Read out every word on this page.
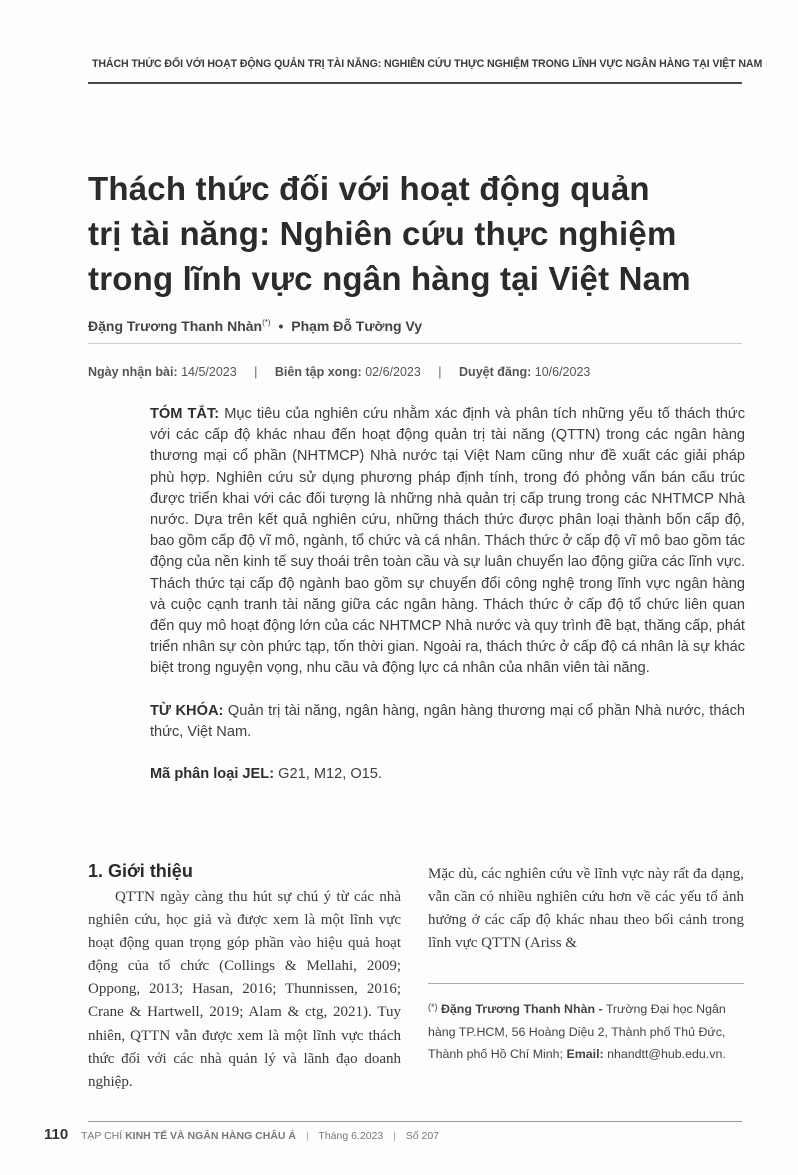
THÁCH THỨC ĐỐI VỚI HOẠT ĐỘNG QUẢN TRỊ TÀI NĂNG: NGHIÊN CỨU THỰC NGHIỆM TRONG LĨNH VỰC NGÂN HÀNG TẠI VIỆT NAM
Thách thức đối với hoạt động quản
trị tài năng: Nghiên cứu thực nghiệm
trong lĩnh vực ngân hàng tại Việt Nam
Đặng Trương Thanh Nhàn(*) • Phạm Đỗ Tường Vy
Ngày nhận bài: 14/5/2023 | Biên tập xong: 02/6/2023 | Duyệt đăng: 10/6/2023

TÓM TẮT: Mục tiêu của nghiên cứu nhằm xác định và phân tích những yếu tố thách thức với các cấp độ khác nhau đến hoạt động quản trị tài năng (QTTN) trong các ngân hàng thương mại cổ phần (NHTMCP) Nhà nước tại Việt Nam cũng như đề xuất các giải pháp phù hợp. Nghiên cứu sử dụng phương pháp định tính, trong đó phỏng vấn bán cấu trúc được triển khai với các đối tượng là những nhà quản trị cấp trung trong các NHTMCP Nhà nước. Dựa trên kết quả nghiên cứu, những thách thức được phân loại thành bốn cấp độ, bao gồm cấp độ vĩ mô, ngành, tổ chức và cá nhân. Thách thức ở cấp độ vĩ mô bao gồm tác động của nền kinh tế suy thoái trên toàn cầu và sự luân chuyển lao động giữa các lĩnh vực. Thách thức tại cấp độ ngành bao gồm sự chuyển đổi công nghệ trong lĩnh vực ngân hàng và cuộc cạnh tranh tài năng giữa các ngân hàng. Thách thức ở cấp độ tổ chức liên quan đến quy mô hoạt động lớn của các NHTMCP Nhà nước và quy trình đề bạt, thăng cấp, phát triển nhân sự còn phức tạp, tốn thời gian. Ngoài ra, thách thức ở cấp độ cá nhân là sự khác biệt trong nguyện vọng, nhu cầu và động lực cá nhân của nhân viên tài năng.

TỪ KHÓA: Quản trị tài năng, ngân hàng, ngân hàng thương mại cổ phần Nhà nước, thách thức, Việt Nam.

Mã phân loại JEL: G21, M12, O15.

1. Giới thiệu

QTTN ngày càng thu hút sự chú ý từ các nhà nghiên cứu, học giả và được xem là một lĩnh vực hoạt động quan trọng góp phần vào hiệu quả hoạt động của tổ chức (Collings & Mellahi, 2009; Oppong, 2013; Hasan, 2016; Thunnissen, 2016; Crane & Hartwell, 2019; Alam & ctg, 2021). Tuy nhiên, QTTN vẫn được xem là một lĩnh vực thách thức đối với các nhà quản lý và lãnh đạo doanh nghiệp.

Mặc dù, các nghiên cứu về lĩnh vực này rất đa dạng, vẫn cần có nhiều nghiên cứu hơn về các yếu tố ảnh hưởng ở các cấp độ khác nhau theo bối cảnh trong lĩnh vực QTTN (Ariss &

(*) Đặng Trương Thanh Nhàn - Trường Đại học Ngân hàng TP.HCM, 56 Hoàng Diệu 2, Thành phố Thủ Đức, Thành phố Hồ Chí Minh; Email: nhandtt@hub.edu.vn.

110 TẠP CHÍ KINH TẾ VÀ NGÂN HÀNG CHÂU Á | Tháng 6.2023 | Số 207
